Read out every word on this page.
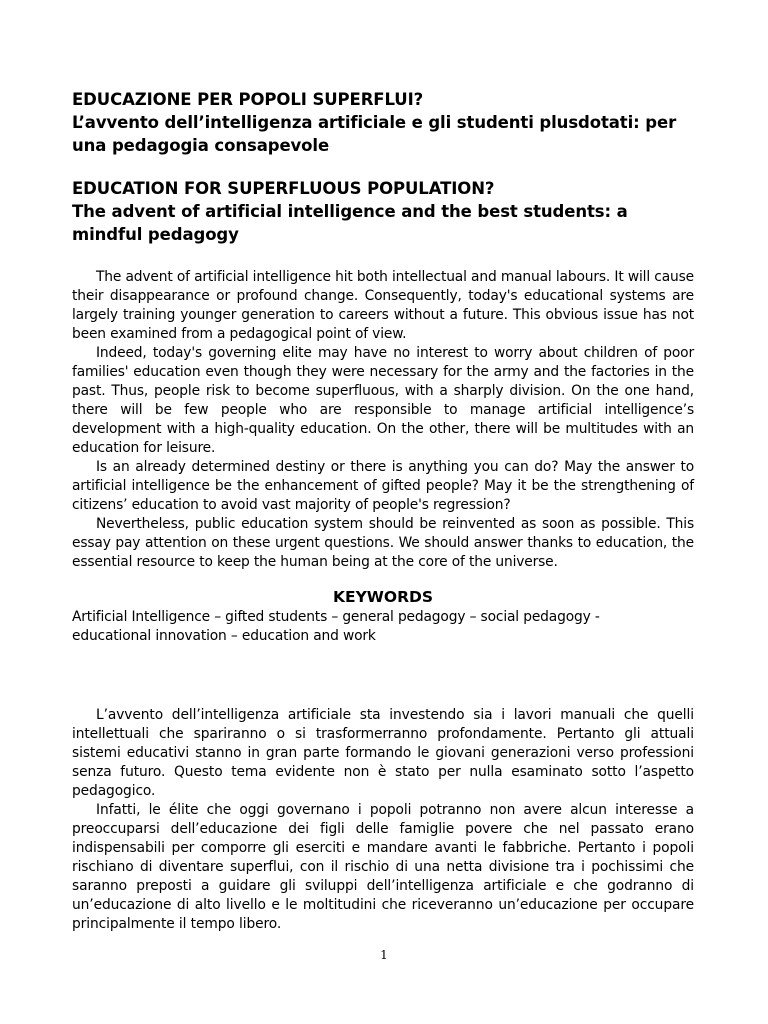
EDUCAZIONE PER POPOLI SUPERFLUI?
L’avvento dell’intelligenza artificiale e gli studenti plusdotati: per una pedagogia consapevole
EDUCATION FOR SUPERFLUOUS POPULATION?
The advent of artificial intelligence and the best students: a mindful pedagogy

The advent of artificial intelligence hit both intellectual and manual labours. It will cause their disappearance or profound change. Consequently, today's educational systems are largely training younger generation to careers without a future. This obvious issue has not been examined from a pedagogical point of view.

Indeed, today's governing elite may have no interest to worry about children of poor families' education even though they were necessary for the army and the factories in the past. Thus, people risk to become superfluous, with a sharply division. On the one hand, there will be few people who are responsible to manage artificial intelligence’s development with a high-quality education. On the other, there will be multitudes with an education for leisure.

Is an already determined destiny or there is anything you can do? May the answer to artificial intelligence be the enhancement of gifted people? May it be the strengthening of citizens’ education to avoid vast majority of people's regression?

Nevertheless, public education system should be reinvented as soon as possible. This essay pay attention on these urgent questions. We should answer thanks to education, the essential resource to keep the human being at the core of the universe.

KEYWORDS

Artificial Intelligence – gifted students – general pedagogy – social pedagogy -

educational innovation – education and work

L’avvento dell’intelligenza artificiale sta investendo sia i lavori manuali che quelli intellettuali che spariranno o si trasformerranno profondamente. Pertanto gli attuali sistemi educativi stanno in gran parte formando le giovani generazioni verso professioni senza futuro. Questo tema evidente non è stato per nulla esaminato sotto l’aspetto pedagogico.

Infatti, le élite che oggi governano i popoli potranno non avere alcun interesse a preoccuparsi dell’educazione dei figli delle famiglie povere che nel passato erano indispensabili per comporre gli eserciti e mandare avanti le fabbriche. Pertanto i popoli rischiano di diventare superflui, con il rischio di una netta divisione tra i pochissimi che saranno preposti a guidare gli sviluppi dell’intelligenza artificiale e che godranno di un’educazione di alto livello e le moltitudini che riceveranno un’educazione per occupare principalmente il tempo libero.

1
